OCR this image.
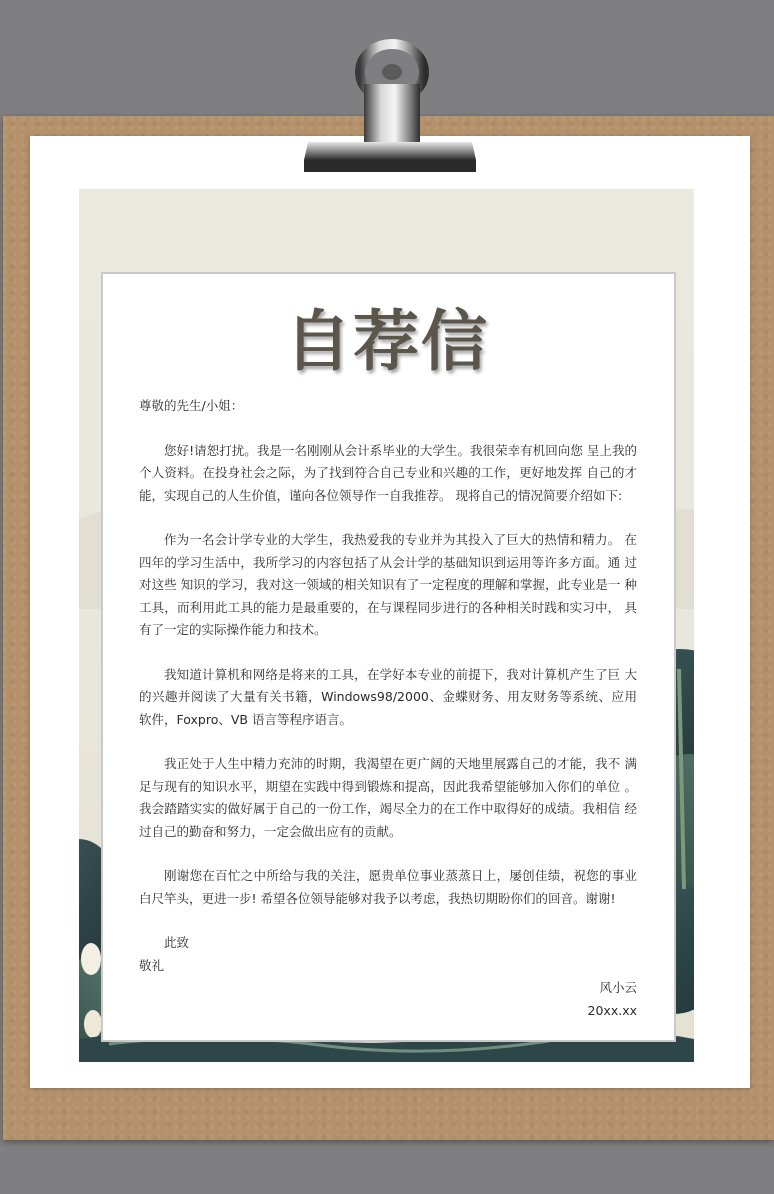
自荐信

尊敬的先生/小姐：

您好!请恕打扰。我是一名刚刚从会计系毕业的大学生。我很荣幸有机回向您 呈上我的个人资料。在投身社会之际，为了找到符合自己专业和兴趣的工作，更好地发挥 自己的才能，实现自己的人生价值，谨向各位领导作一自我推荐。 现将自己的情况简要介绍如下:

作为一名会计学专业的大学生，我热爱我的专业并为其投入了巨大的热情和精力。 在四年的学习生活中，我所学习的内容包括了从会计学的基础知识到运用等许多方面。通 过对这些 知识的学习，我对这一领域的相关知识有了一定程度的理解和掌握，此专业是一 种工具，而利用此工具的能力是最重要的，在与课程同步进行的各种相关时践和实习中， 具有了一定的实际操作能力和技术。

我知道计算机和网络是将来的工具，在学好本专业的前提下，我对计算机产生了巨 大的兴趣并阅读了大量有关书籍，Windows98/2000、金蝶财务、用友财务等系统、应用 软件，Foxpro、VB 语言等程序语言。

我正处于人生中精力充沛的时期，我渴望在更广阔的天地里展露自己的才能，我不 满足与现有的知识水平，期望在实践中得到锻炼和提高，因此我希望能够加入你们的单位 。我会踏踏实实的做好属于自己的一份工作，竭尽全力的在工作中取得好的成绩。我相信 经过自己的勤奋和努力，一定会做出应有的贡献。

刚谢您在百忙之中所给与我的关注，愿贵单位事业蒸蒸日上，屡创佳绩，祝您的事业 白尺竿头，更进一步! 希望各位领导能够对我予以考虑，我热切期盼你们的回音。谢谢!

此致

敬礼

风小云

20xx.xx
